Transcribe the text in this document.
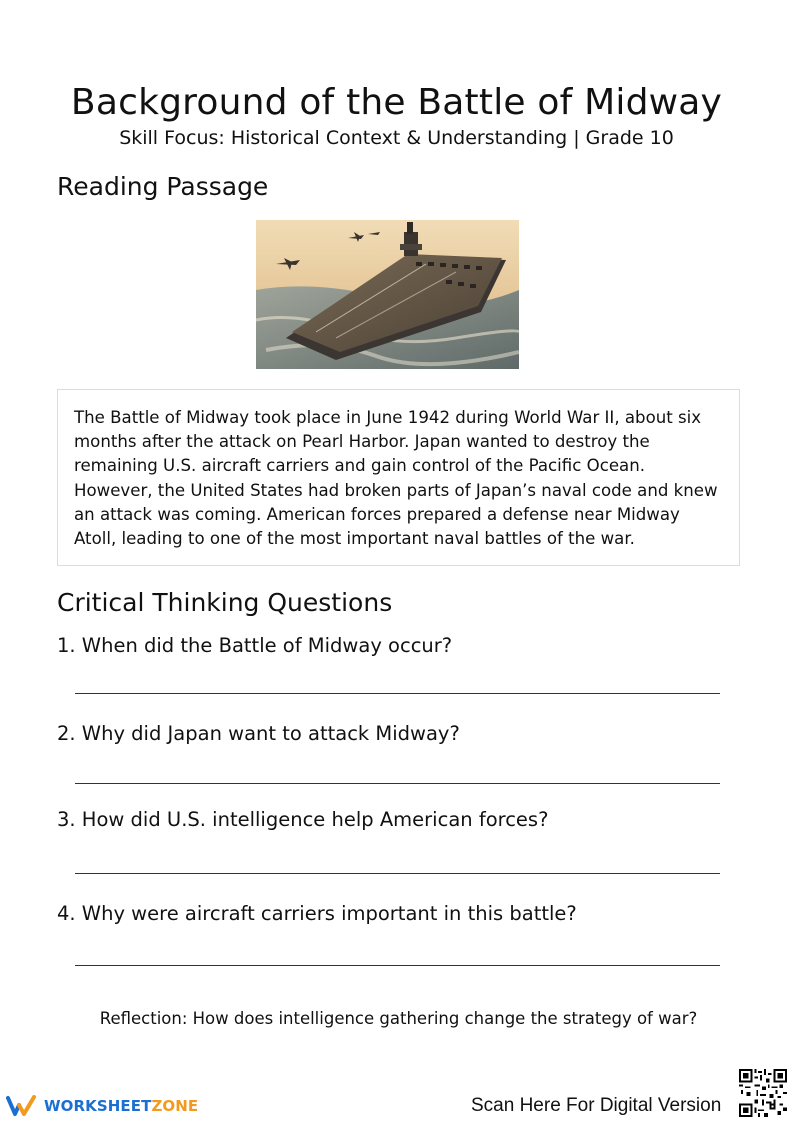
Background of the Battle of Midway
Skill Focus: Historical Context & Understanding | Grade 10
Reading Passage
The Battle of Midway took place in June 1942 during World War II, about six months after the attack on Pearl Harbor. Japan wanted to destroy the remaining U.S. aircraft carriers and gain control of the Pacific Ocean. However, the United States had broken parts of Japan’s naval code and knew an attack was coming. American forces prepared a defense near Midway Atoll, leading to one of the most important naval battles of the war.
Critical Thinking Questions
1. When did the Battle of Midway occur?
2. Why did Japan want to attack Midway?
3. How did U.S. intelligence help American forces?
4. Why were aircraft carriers important in this battle?
Reflection: How does intelligence gathering change the strategy of war?
WORKSHEETZONE	Scan Here For Digital Version
